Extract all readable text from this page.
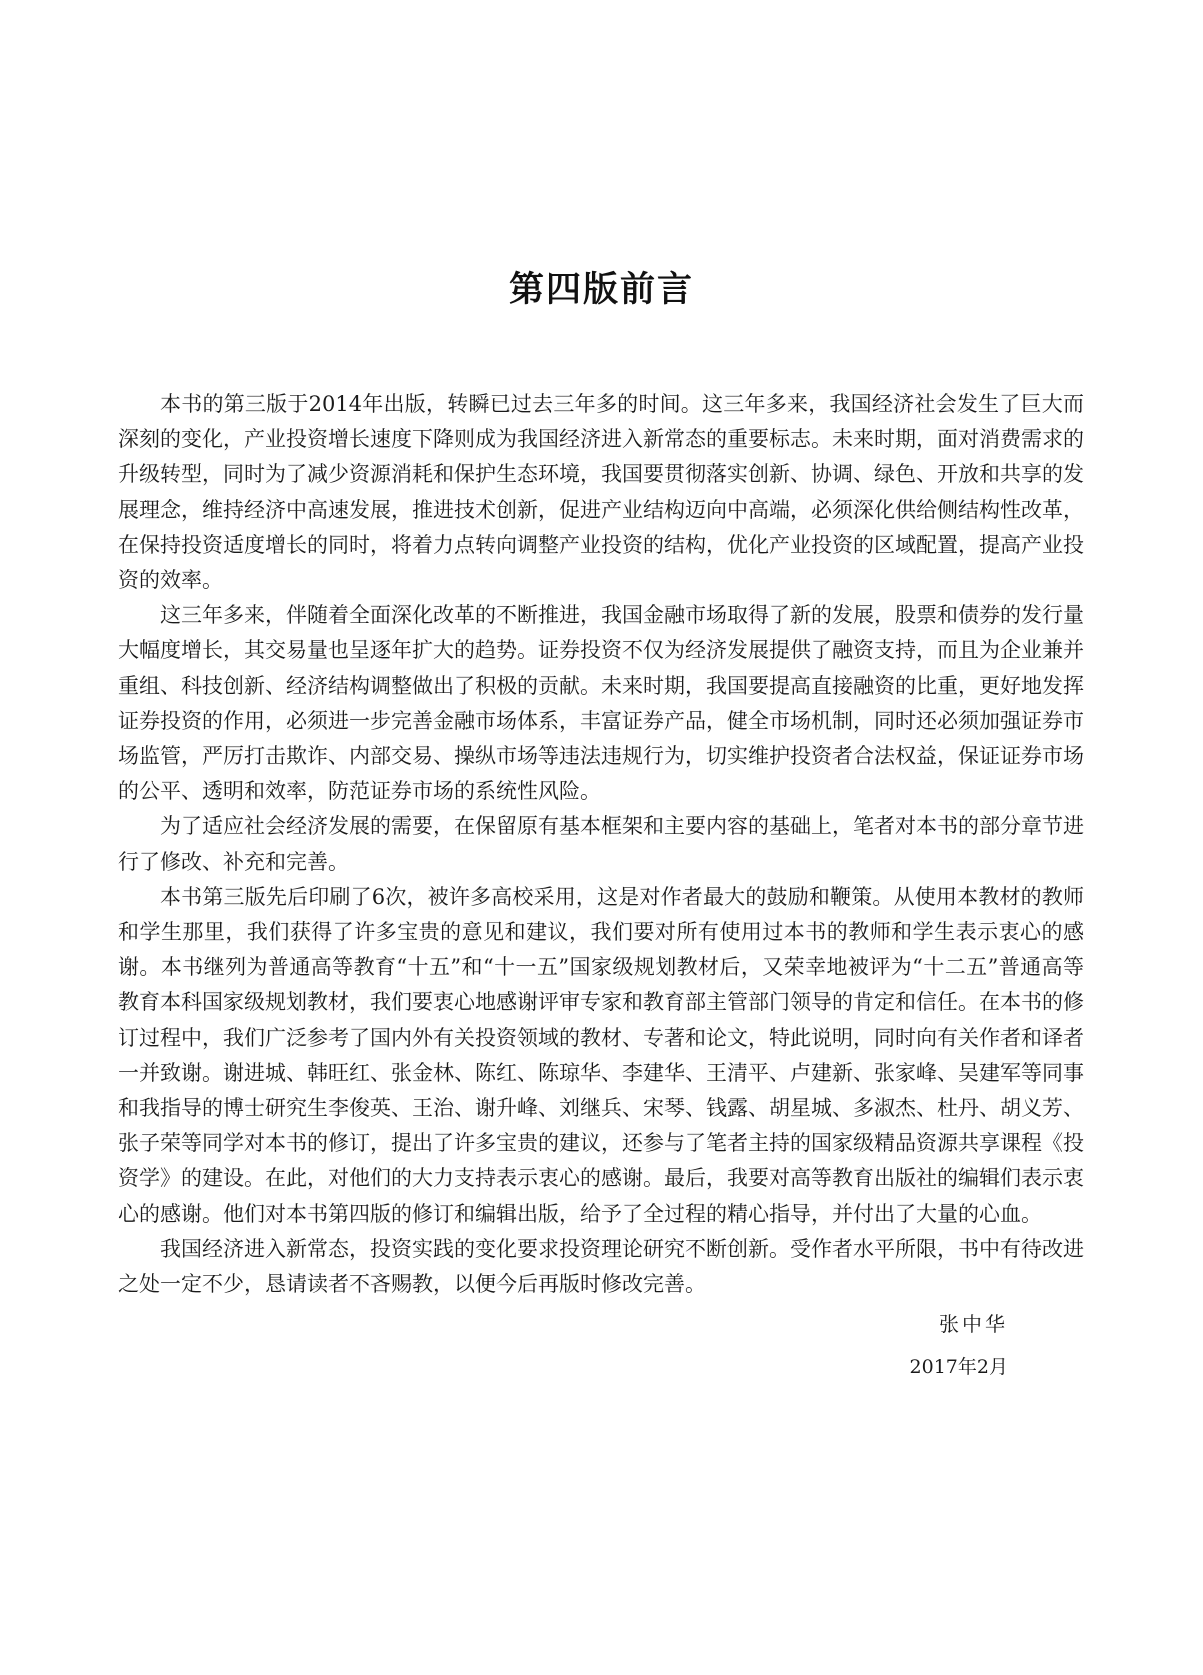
第四版前言

本书的第三版于2014年出版，转瞬已过去三年多的时间。这三年多来，我国经济社会发生了巨大而深刻的变化，产业投资增长速度下降则成为我国经济进入新常态的重要标志。未来时期，面对消费需求的升级转型，同时为了减少资源消耗和保护生态环境，我国要贯彻落实创新、协调、绿色、开放和共享的发展理念，维持经济中高速发展，推进技术创新，促进产业结构迈向中高端，必须深化供给侧结构性改革，在保持投资适度增长的同时，将着力点转向调整产业投资的结构，优化产业投资的区域配置，提高产业投资的效率。

这三年多来，伴随着全面深化改革的不断推进，我国金融市场取得了新的发展，股票和债券的发行量大幅度增长，其交易量也呈逐年扩大的趋势。证券投资不仅为经济发展提供了融资支持，而且为企业兼并重组、科技创新、经济结构调整做出了积极的贡献。未来时期，我国要提高直接融资的比重，更好地发挥证券投资的作用，必须进一步完善金融市场体系，丰富证券产品，健全市场机制，同时还必须加强证券市场监管，严厉打击欺诈、内部交易、操纵市场等违法违规行为，切实维护投资者合法权益，保证证券市场的公平、透明和效率，防范证券市场的系统性风险。

为了适应社会经济发展的需要，在保留原有基本框架和主要内容的基础上，笔者对本书的部分章节进行了修改、补充和完善。

本书第三版先后印刷了6次，被许多高校采用，这是对作者最大的鼓励和鞭策。从使用本教材的教师和学生那里，我们获得了许多宝贵的意见和建议，我们要对所有使用过本书的教师和学生表示衷心的感谢。本书继列为普通高等教育“十五”和“十一五”国家级规划教材后，又荣幸地被评为“十二五”普通高等教育本科国家级规划教材，我们要衷心地感谢评审专家和教育部主管部门领导的肯定和信任。在本书的修订过程中，我们广泛参考了国内外有关投资领域的教材、专著和论文，特此说明，同时向有关作者和译者一并致谢。谢进城、韩旺红、张金林、陈红、陈琼华、李建华、王清平、卢建新、张家峰、吴建军等同事和我指导的博士研究生李俊英、王治、谢升峰、刘继兵、宋琴、钱露、胡星城、多淑杰、杜丹、胡义芳、张子荣等同学对本书的修订，提出了许多宝贵的建议，还参与了笔者主持的国家级精品资源共享课程《投资学》的建设。在此，对他们的大力支持表示衷心的感谢。最后，我要对高等教育出版社的编辑们表示衷心的感谢。他们对本书第四版的修订和编辑出版，给予了全过程的精心指导，并付出了大量的心血。

我国经济进入新常态，投资实践的变化要求投资理论研究不断创新。受作者水平所限，书中有待改进之处一定不少，恳请读者不吝赐教，以便今后再版时修改完善。

张中华
2017年2月
